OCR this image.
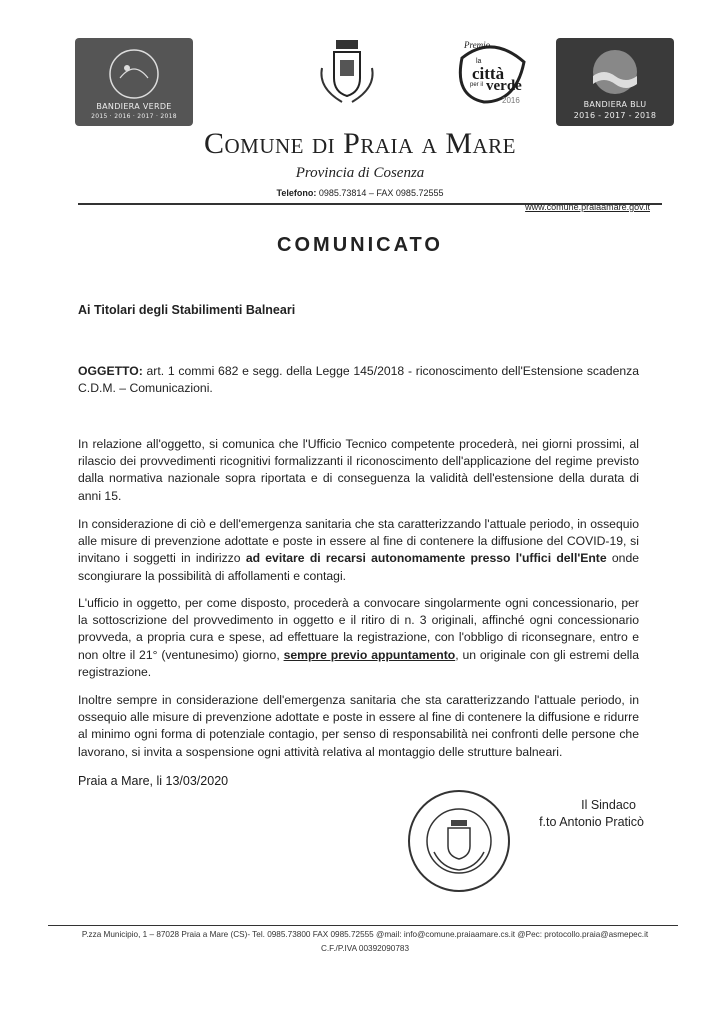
BANDIERA VERDE
2015 · 2016 · 2017 · 2018
Premio
la
città
per il verde
2016	BANDIERA BLU
2016 - 2017 - 2018
Comune di Praia a Mare
Provincia di Cosenza
Telefono: 0985.73814 – FAX 0985.72555
www.comune.praiaamare.gov.it
COMUNICATO
Ai Titolari degli Stabilimenti Balneari
OGGETTO: art. 1 commi 682 e segg. della Legge 145/2018 - riconoscimento dell'Estensione scadenza C.D.M. – Comunicazioni.
In relazione all'oggetto, si comunica che l'Ufficio Tecnico competente procederà, nei giorni prossimi, al rilascio dei provvedimenti ricognitivi formalizzanti il riconoscimento dell'applicazione del regime previsto dalla normativa nazionale sopra riportata e di conseguenza la validità dell'estensione della durata di anni 15.
In considerazione di ciò e dell'emergenza sanitaria che sta caratterizzando l'attuale periodo, in ossequio alle misure di prevenzione adottate e poste in essere al fine di contenere la diffusione del COVID-19, si invitano i soggetti in indirizzo ad evitare di recarsi autonomamente presso l'uffici dell'Ente onde scongiurare la possibilità di affollamenti e contagi.
L'ufficio in oggetto, per come disposto, procederà a convocare singolarmente ogni concessionario, per la sottoscrizione del provvedimento in oggetto e il ritiro di n. 3 originali, affinché ogni concessionario provveda, a propria cura e spese, ad effettuare la registrazione, con l'obbligo di riconsegnare, entro e non oltre il 21° (ventunesimo) giorno, sempre previo appuntamento, un originale con gli estremi della registrazione.
Inoltre sempre in considerazione dell'emergenza sanitaria che sta caratterizzando l'attuale periodo, in ossequio alle misure di prevenzione adottate e poste in essere al fine di contenere la diffusione e ridurre al minimo ogni forma di potenziale contagio, per senso di responsabilità nei confronti delle persone che lavorano, si invita a sospensione ogni attività relativa al montaggio delle strutture balneari.
Praia a Mare, li 13/03/2020
Il Sindaco
f.to Antonio Praticò
P.zza Municipio, 1 – 87028 Praia a Mare (CS)- Tel. 0985.73800 FAX 0985.72555 @mail: info@comune.praiaamare.cs.it @Pec: protocollo.praia@asmepec.it
C.F./P.IVA 00392090783
